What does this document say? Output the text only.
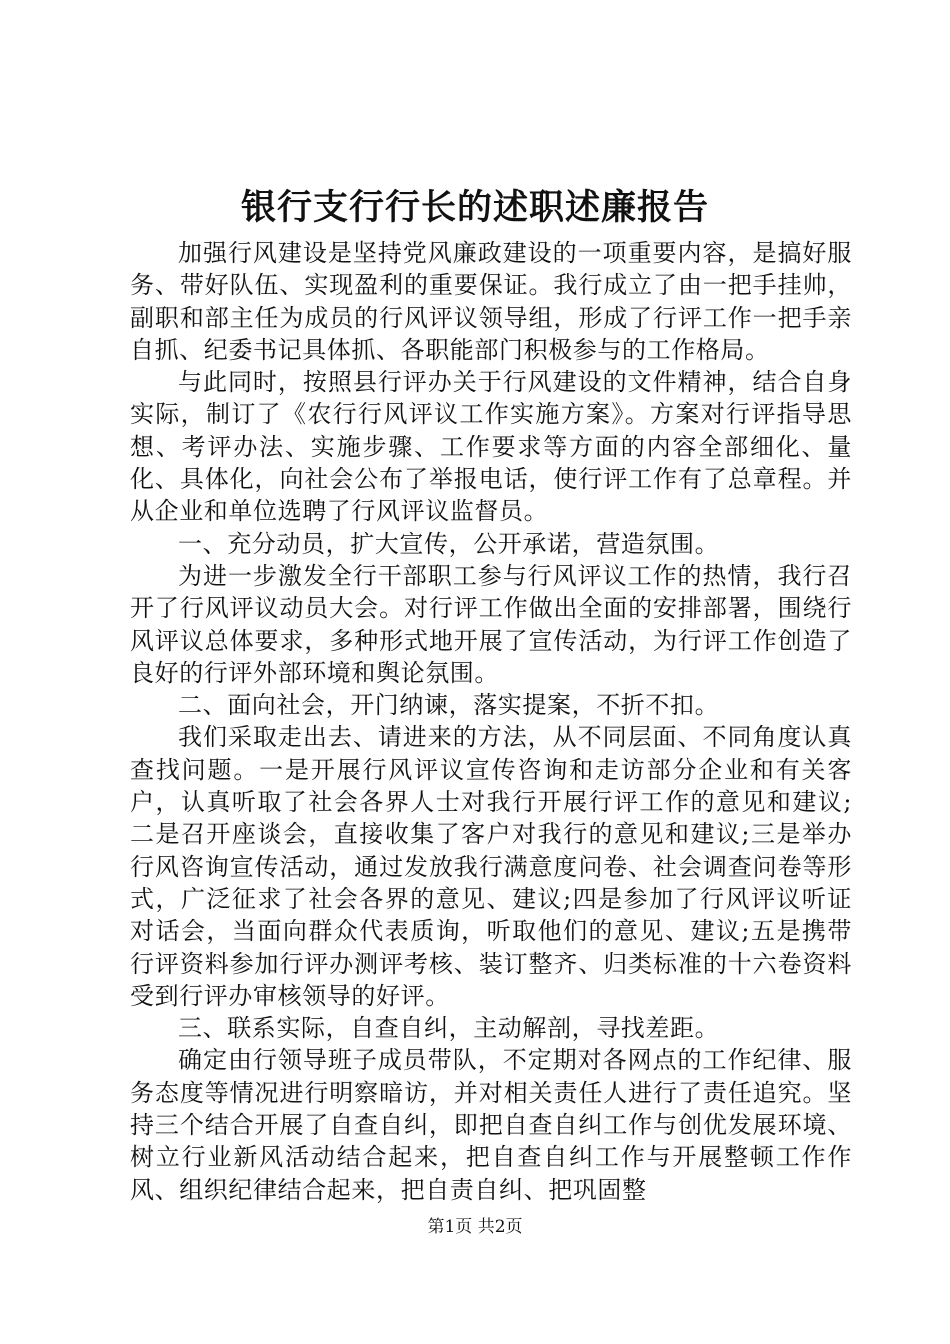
银行支行行长的述职述廉报告

加强行风建设是坚持党风廉政建设的一项重要内容，是搞好服务、带好队伍、实现盈利的重要保证。我行成立了由一把手挂帅，副职和部主任为成员的行风评议领导组，形成了行评工作一把手亲自抓、纪委书记具体抓、各职能部门积极参与的工作格局。

与此同时，按照县行评办关于行风建设的文件精神，结合自身实际，制订了《农行行风评议工作实施方案》。方案对行评指导思想、考评办法、实施步骤、工作要求等方面的内容全部细化、量化、具体化，向社会公布了举报电话，使行评工作有了总章程。并从企业和单位选聘了行风评议监督员。

一、充分动员，扩大宣传，公开承诺，营造氛围。

为进一步激发全行干部职工参与行风评议工作的热情，我行召开了行风评议动员大会。对行评工作做出全面的安排部署，围绕行风评议总体要求，多种形式地开展了宣传活动，为行评工作创造了良好的行评外部环境和舆论氛围。

二、面向社会，开门纳谏，落实提案，不折不扣。

我们采取走出去、请进来的方法，从不同层面、不同角度认真查找问题。一是开展行风评议宣传咨询和走访部分企业和有关客户，认真听取了社会各界人士对我行开展行评工作的意见和建议;二是召开座谈会，直接收集了客户对我行的意见和建议;三是举办行风咨询宣传活动，通过发放我行满意度问卷、社会调查问卷等形式，广泛征求了社会各界的意见、建议;四是参加了行风评议听证对话会，当面向群众代表质询，听取他们的意见、建议;五是携带行评资料参加行评办测评考核、装订整齐、归类标准的十六卷资料受到行评办审核领导的好评。

三、联系实际，自查自纠，主动解剖，寻找差距。

确定由行领导班子成员带队，不定期对各网点的工作纪律、服务态度等情况进行明察暗访，并对相关责任人进行了责任追究。坚持三个结合开展了自查自纠，即把自查自纠工作与创优发展环境、树立行业新风活动结合起来，把自查自纠工作与开展整顿工作作风、组织纪律结合起来，把自责自纠、把巩固整

第1页 共2页
